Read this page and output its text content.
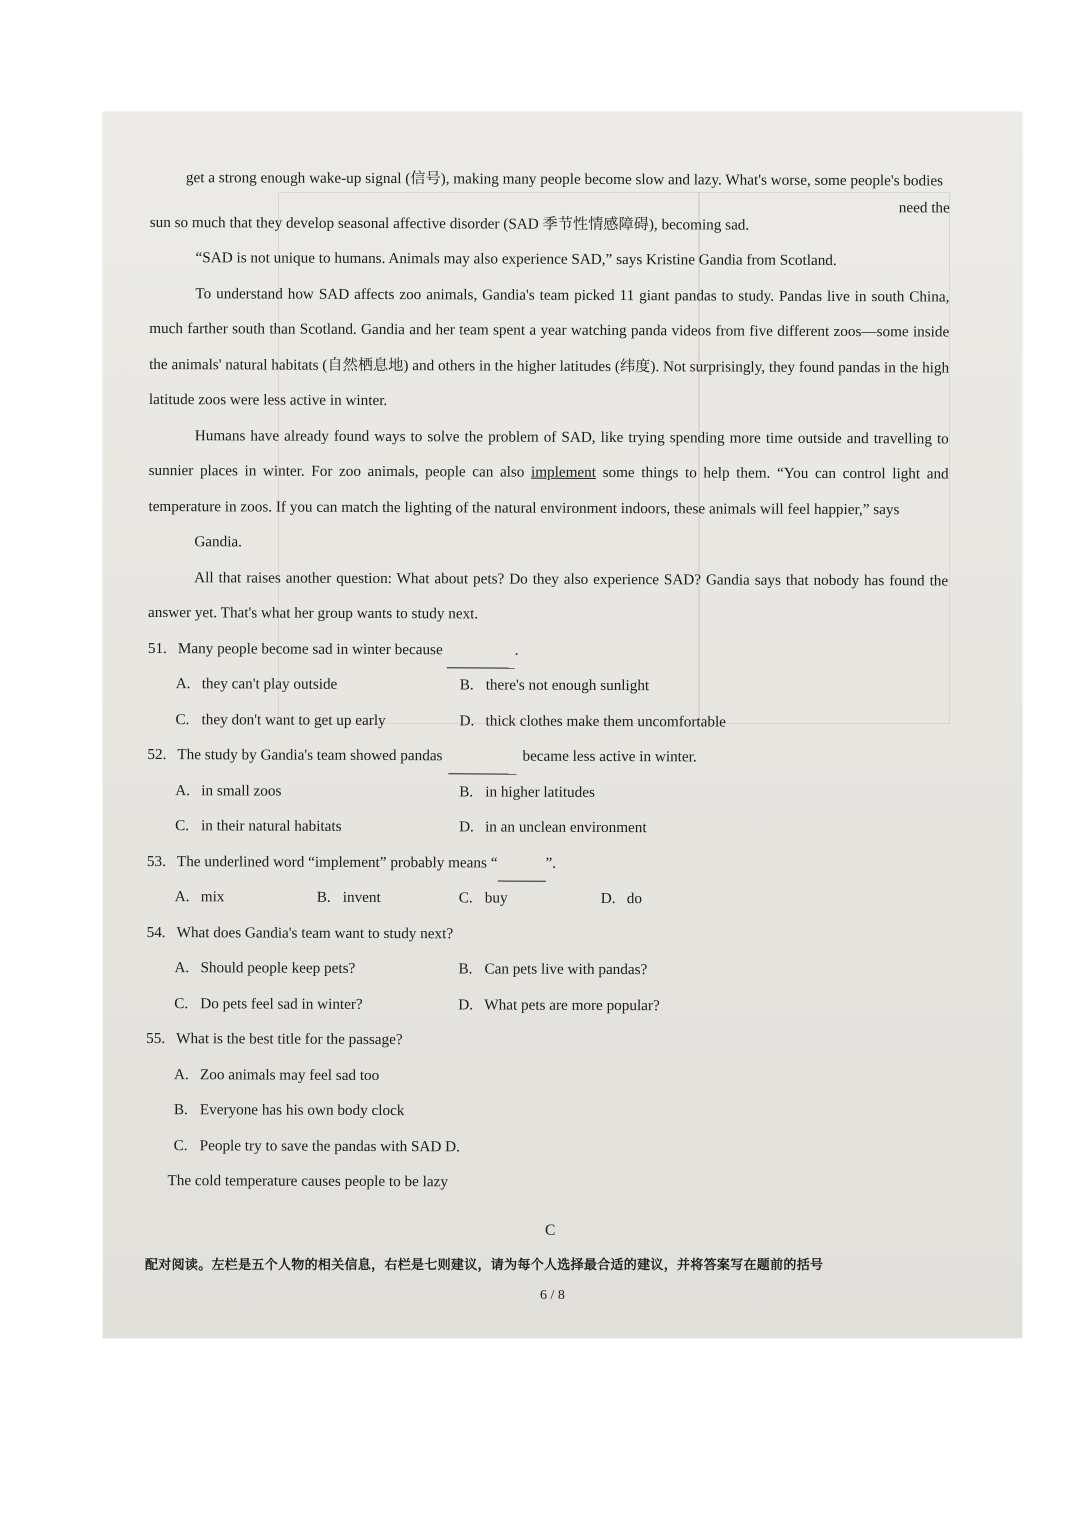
get a strong enough wake-up signal (信号), making many people become slow and lazy. What's worse, some people's bodies

sun so much that they develop seasonal affective disorder (SAD 季节性情感障碍), becoming sad.
need the

“SAD is not unique to humans. Animals may also experience SAD,” says Kristine Gandia from Scotland.

To understand how SAD affects zoo animals, Gandia's team picked 11 giant pandas to study. Pandas live in south China, much farther south than Scotland. Gandia and her team spent a year watching panda videos from five different zoos—some inside the animals' natural habitats (自然栖息地) and others in the higher latitudes (纬度). Not surprisingly, they found pandas in the high latitude zoos were less active in winter.

Humans have already found ways to solve the problem of SAD, like trying spending more time outside and travelling to sunnier places in winter. For zoo animals, people can also implement some things to help them. “You can control light and temperature in zoos. If you can match the lighting of the natural environment indoors, these animals will feel happier,” says
Gandia.

All that raises another question: What about pets? Do they also experience SAD? Gandia says that nobody has found the answer yet. That's what her group wants to study next.

51. Many people become sad in winter because
	.
A. they can't play outside	B. there's not enough sunlight
C. they don't want to get up early	D. thick clothes make them uncomfortable
52. The study by Gandia's team showed pandas
	became less active in winter.
A. in small zoos	B. in higher latitudes
C. in their natural habitats	D. in an unclean environment
53. The underlined word “implement” probably means “
	”.
A. mix	B. invent	C. buy	D. do
54. What does Gandia's team want to study next?
A. Should people keep pets?	B. Can pets live with pandas?
C. Do pets feel sad in winter?	D. What pets are more popular?
55. What is the best title for the passage?
A. Zoo animals may feel sad too
B. Everyone has his own body clock
C. People try to save the pandas with SAD D.
The cold temperature causes people to be lazy
C
配对阅读。左栏是五个人物的相关信息，右栏是七则建议，请为每个人选择最合适的建议，并将答案写在题前的括号
6 / 8
